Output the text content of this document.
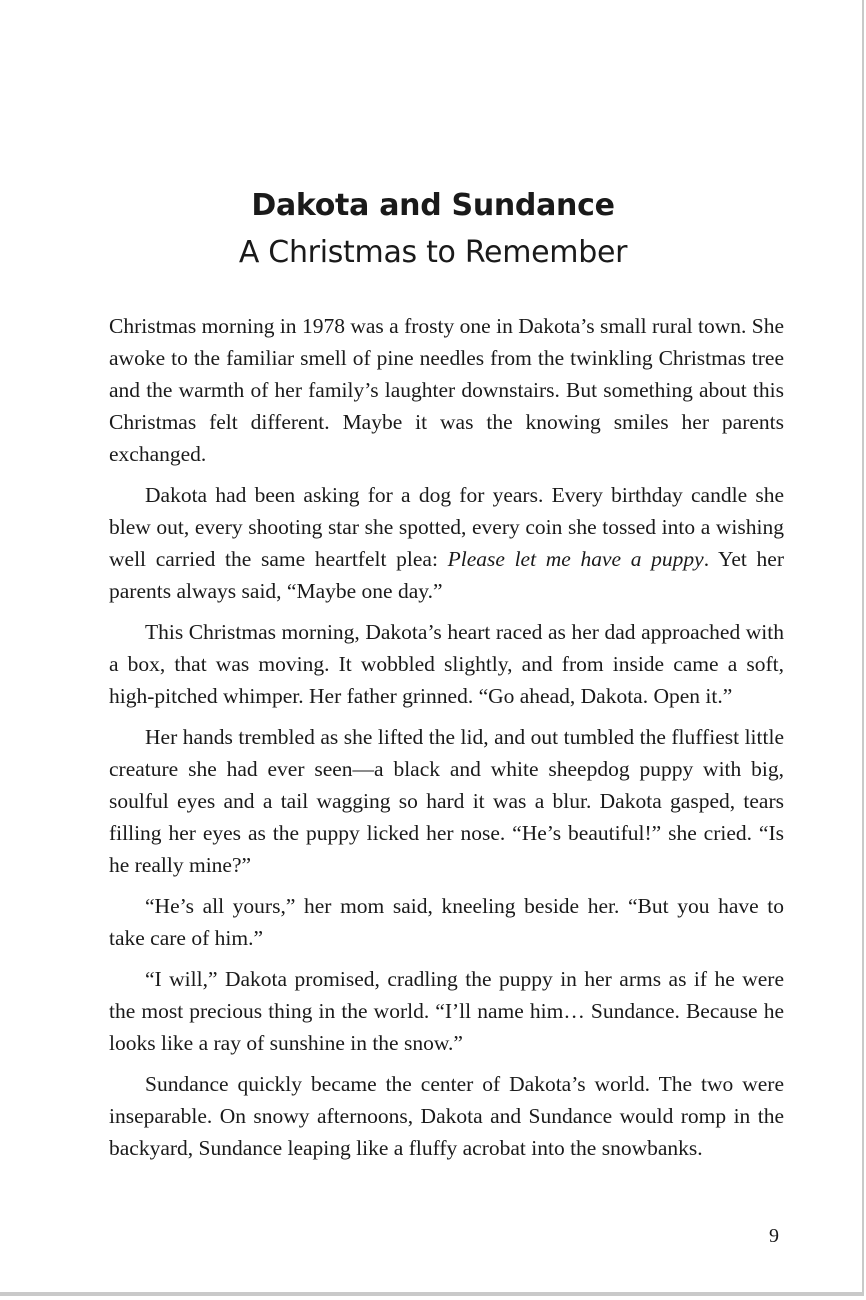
Dakota and Sundance
A Christmas to Remember

Christmas morning in 1978 was a frosty one in Dakota’s small rural town. She awoke to the familiar smell of pine needles from the twinkling Christmas tree and the warmth of her family’s laughter downstairs. But something about this Christmas felt different. Maybe it was the knowing smiles her parents exchanged.

Dakota had been asking for a dog for years. Every birthday candle she blew out, every shooting star she spotted, every coin she tossed into a wishing well carried the same heartfelt plea: Please let me have a puppy. Yet her parents always said, “Maybe one day.”

This Christmas morning, Dakota’s heart raced as her dad approached with a box, that was moving. It wobbled slightly, and from inside came a soft, high-pitched whimper. Her father grinned. “Go ahead, Dakota. Open it.”

Her hands trembled as she lifted the lid, and out tumbled the fluffiest little creature she had ever seen—a black and white sheepdog puppy with big, soulful eyes and a tail wagging so hard it was a blur. Dakota gasped, tears filling her eyes as the puppy licked her nose. “He’s beautiful!” she cried. “Is he really mine?”

“He’s all yours,” her mom said, kneeling beside her. “But you have to take care of him.”

“I will,” Dakota promised, cradling the puppy in her arms as if he were the most precious thing in the world. “I’ll name him… Sundance. Because he looks like a ray of sunshine in the snow.”

Sundance quickly became the center of Dakota’s world. The two were inseparable. On snowy afternoons, Dakota and Sundance would romp in the backyard, Sundance leaping like a fluffy acrobat into the snowbanks.

9
